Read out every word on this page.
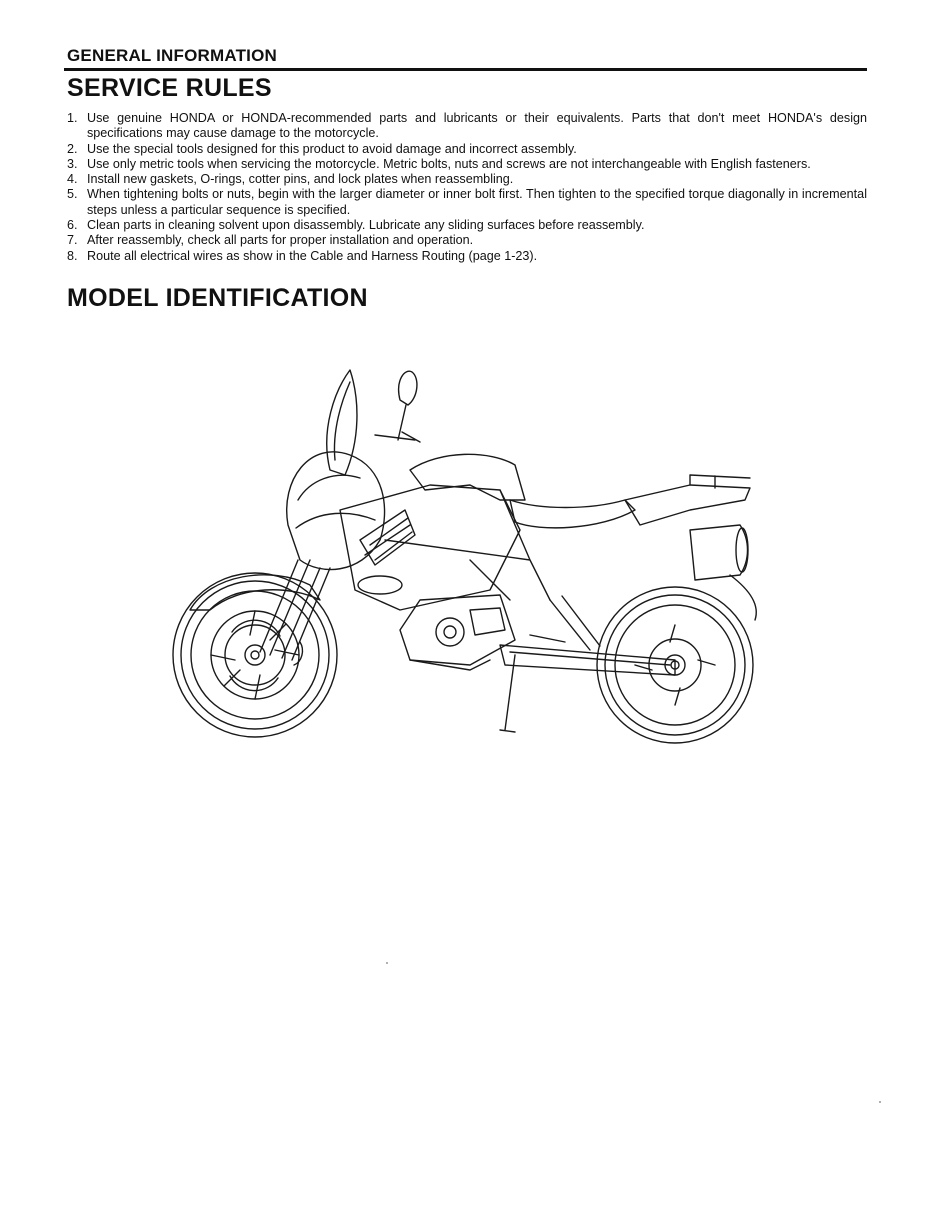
GENERAL INFORMATION
SERVICE RULES
1. Use genuine HONDA or HONDA-recommended parts and lubricants or their equivalents. Parts that don't meet HONDA's design specifications may cause damage to the motorcycle.
2. Use the special tools designed for this product to avoid damage and incorrect assembly.
3. Use only metric tools when servicing the motorcycle. Metric bolts, nuts and screws are not interchangeable with English fasteners.
4. Install new gaskets, O-rings, cotter pins, and lock plates when reassembling.
5. When tightening bolts or nuts, begin with the larger diameter or inner bolt first. Then tighten to the specified torque diagonally in incremental steps unless a particular sequence is specified.
6. Clean parts in cleaning solvent upon disassembly. Lubricate any sliding surfaces before reassembly.
7. After reassembly, check all parts for proper installation and operation.
8. Route all electrical wires as show in the Cable and Harness Routing (page 1-23).
MODEL IDENTIFICATION
